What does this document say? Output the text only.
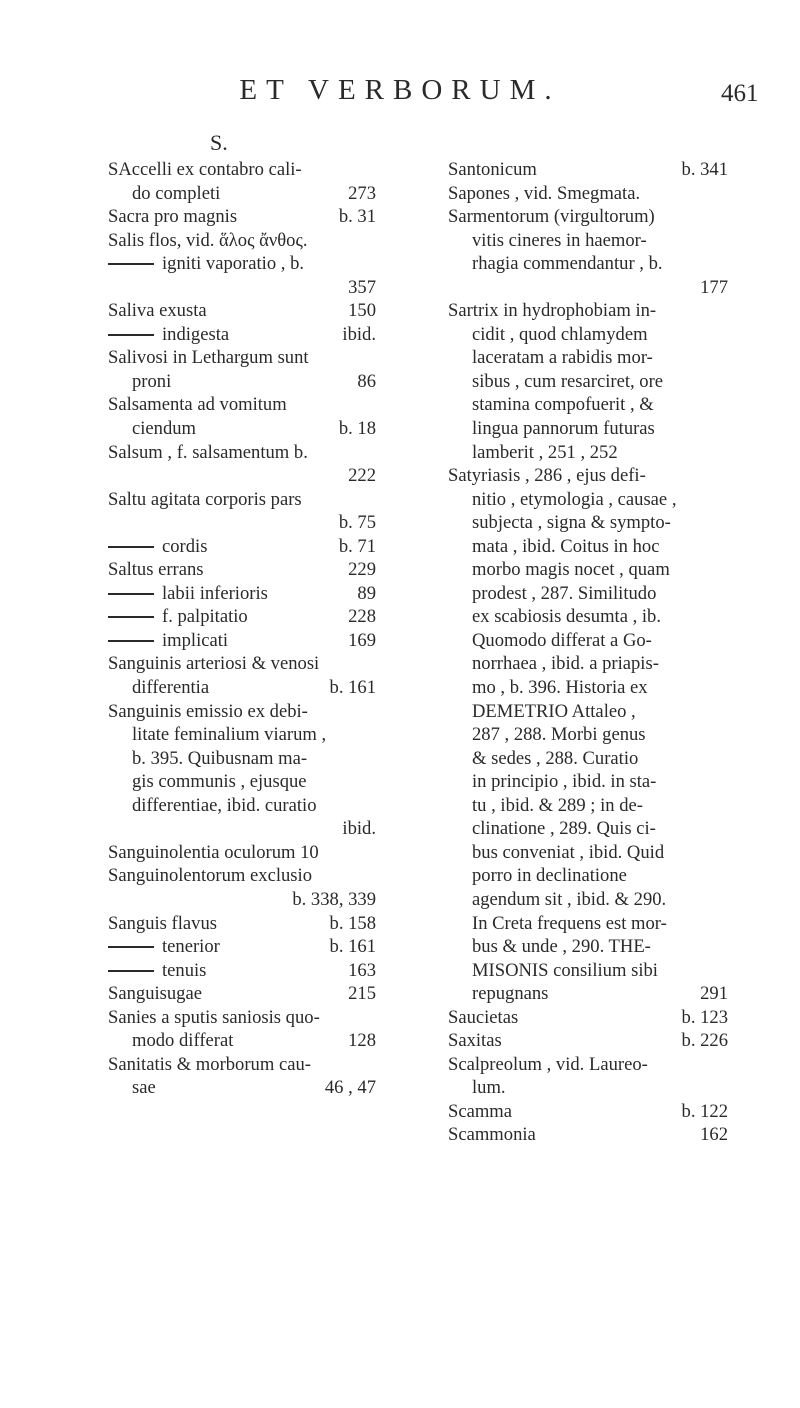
ET VERBORUM.	461
S.
SAccelli ex contabro cali-
do completi	273
Sacra pro magnis	b. 31
Salis flos, vid. ἅλος ἄνθος.
igniti vaporatio , b.
357
Saliva exusta	150
indigesta	ibid.
Salivosi in Lethargum sunt
proni	86
Salsamenta ad vomitum
ciendum	b. 18
Salsum , f. salsamentum b.
222
Saltu agitata corporis pars
b. 75
cordis	b. 71
Saltus errans	229
labii inferioris	89
f. palpitatio	228
implicati	169
Sanguinis arteriosi & venosi
differentia	b. 161
Sanguinis emissio ex debi-
litate feminalium viarum ,
b. 395. Quibusnam ma-
gis communis , ejusque
differentiae, ibid. curatio
ibid.
Sanguinolentia oculorum 10
Sanguinolentorum exclusio
b. 338, 339
Sanguis flavus	b. 158
tenerior	b. 161
tenuis	163
Sanguisugae	215
Sanies a sputis saniosis quo-
modo differat	128
Sanitatis & morborum cau-
sae	46 , 47
Santonicum	b. 341
Sapones , vid. Smegmata.
Sarmentorum (virgultorum)
vitis cineres in haemor-
rhagia commendantur , b.
177
Sartrix in hydrophobiam in-
cidit , quod chlamydem
laceratam a rabidis mor-
sibus , cum resarciret, ore
stamina compofuerit , &
lingua pannorum futuras
lamberit , 251 , 252
Satyriasis , 286 , ejus defi-
nitio , etymologia , causae ,
subjecta , signa & sympto-
mata , ibid. Coitus in hoc
morbo magis nocet , quam
prodest , 287. Similitudo
ex scabiosis desumta , ib.
Quomodo differat a Go-
norrhaea , ibid. a priapis-
mo , b. 396. Historia ex
DEMETRIO Attaleo ,
287 , 288. Morbi genus
& sedes , 288. Curatio
in principio , ibid. in sta-
tu , ibid. & 289 ; in de-
clinatione , 289. Quis ci-
bus conveniat , ibid. Quid
porro in declinatione
agendum sit , ibid. & 290.
In Creta frequens est mor-
bus & unde , 290. THE-
MISONIS consilium sibi
repugnans	291
Saucietas	b. 123
Saxitas	b. 226
Scalpreolum , vid. Laureo-
lum.
Scamma	b. 122
Scammonia	162
